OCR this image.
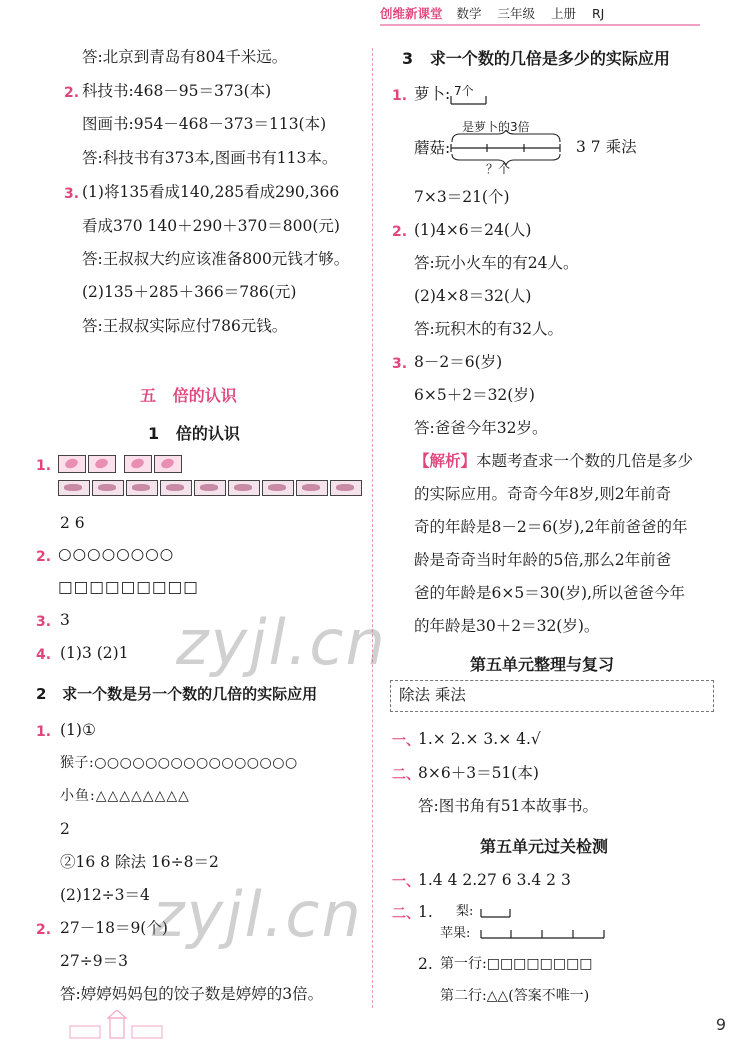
创维新课堂 数学 三年级 上册 RJ
答:北京到青岛有804千米远。
2. 科技书:468－95＝373(本)
图画书:954－468－373＝113(本)
答:科技书有373本,图画书有113本。
3. (1)将135看成140,285看成290,366
看成370 140＋290＋370＝800(元)
答:王叔叔大约应该准备800元钱才够。
(2)135＋285＋366＝786(元)
答:王叔叔实际应付786元钱。
五 倍的认识
1 倍的认识
1.
2 6
2. ○○○○○○○○
□□□□□□□□□
3. 3
4. (1)3 (2)1
2 求一个数是另一个数的几倍的实际应用
1. (1)①
猴子:○○○○○○○○○○○○○○○○
小鱼:△△△△△△△△
2
②16 8 除法 16÷8＝2
(2)12÷3＝4
2. 27－18＝9(个)
27÷9＝3
答:婷婷妈妈包的饺子数是婷婷的3倍。
3 求一个数的几倍是多少的实际应用
1. 萝卜: 7个
是萝卜的3倍
蘑菇:
？个
3 7 乘法
7×3＝21(个)
2. (1)4×6＝24(人)
答:玩小火车的有24人。
(2)4×8＝32(人)
答:玩积木的有32人。
3. 8－2＝6(岁)
6×5＋2＝32(岁)
答:爸爸今年32岁。
【解析】本题考查求一个数的几倍是多少
的实际应用。奇奇今年8岁,则2年前奇
奇的年龄是8－2＝6(岁),2年前爸爸的年
龄是奇奇当时年龄的5倍,那么2年前爸
爸的年龄是6×5＝30(岁),所以爸爸今年
的年龄是30＋2＝32(岁)。
第五单元整理与复习
除法 乘法
一、
1.× 2.× 3.× 4.√
二、
8×6＋3＝51(本)
答:图书角有51本故事书。
第五单元过关检测
一、
1.4 4 2.27 6 3.4 2 3
二、
1. 梨:
苹果:
2. 第一行:□□□□□□□□
第二行:△△(答案不唯一)
zyjl.cn
zyjl.cn
9
